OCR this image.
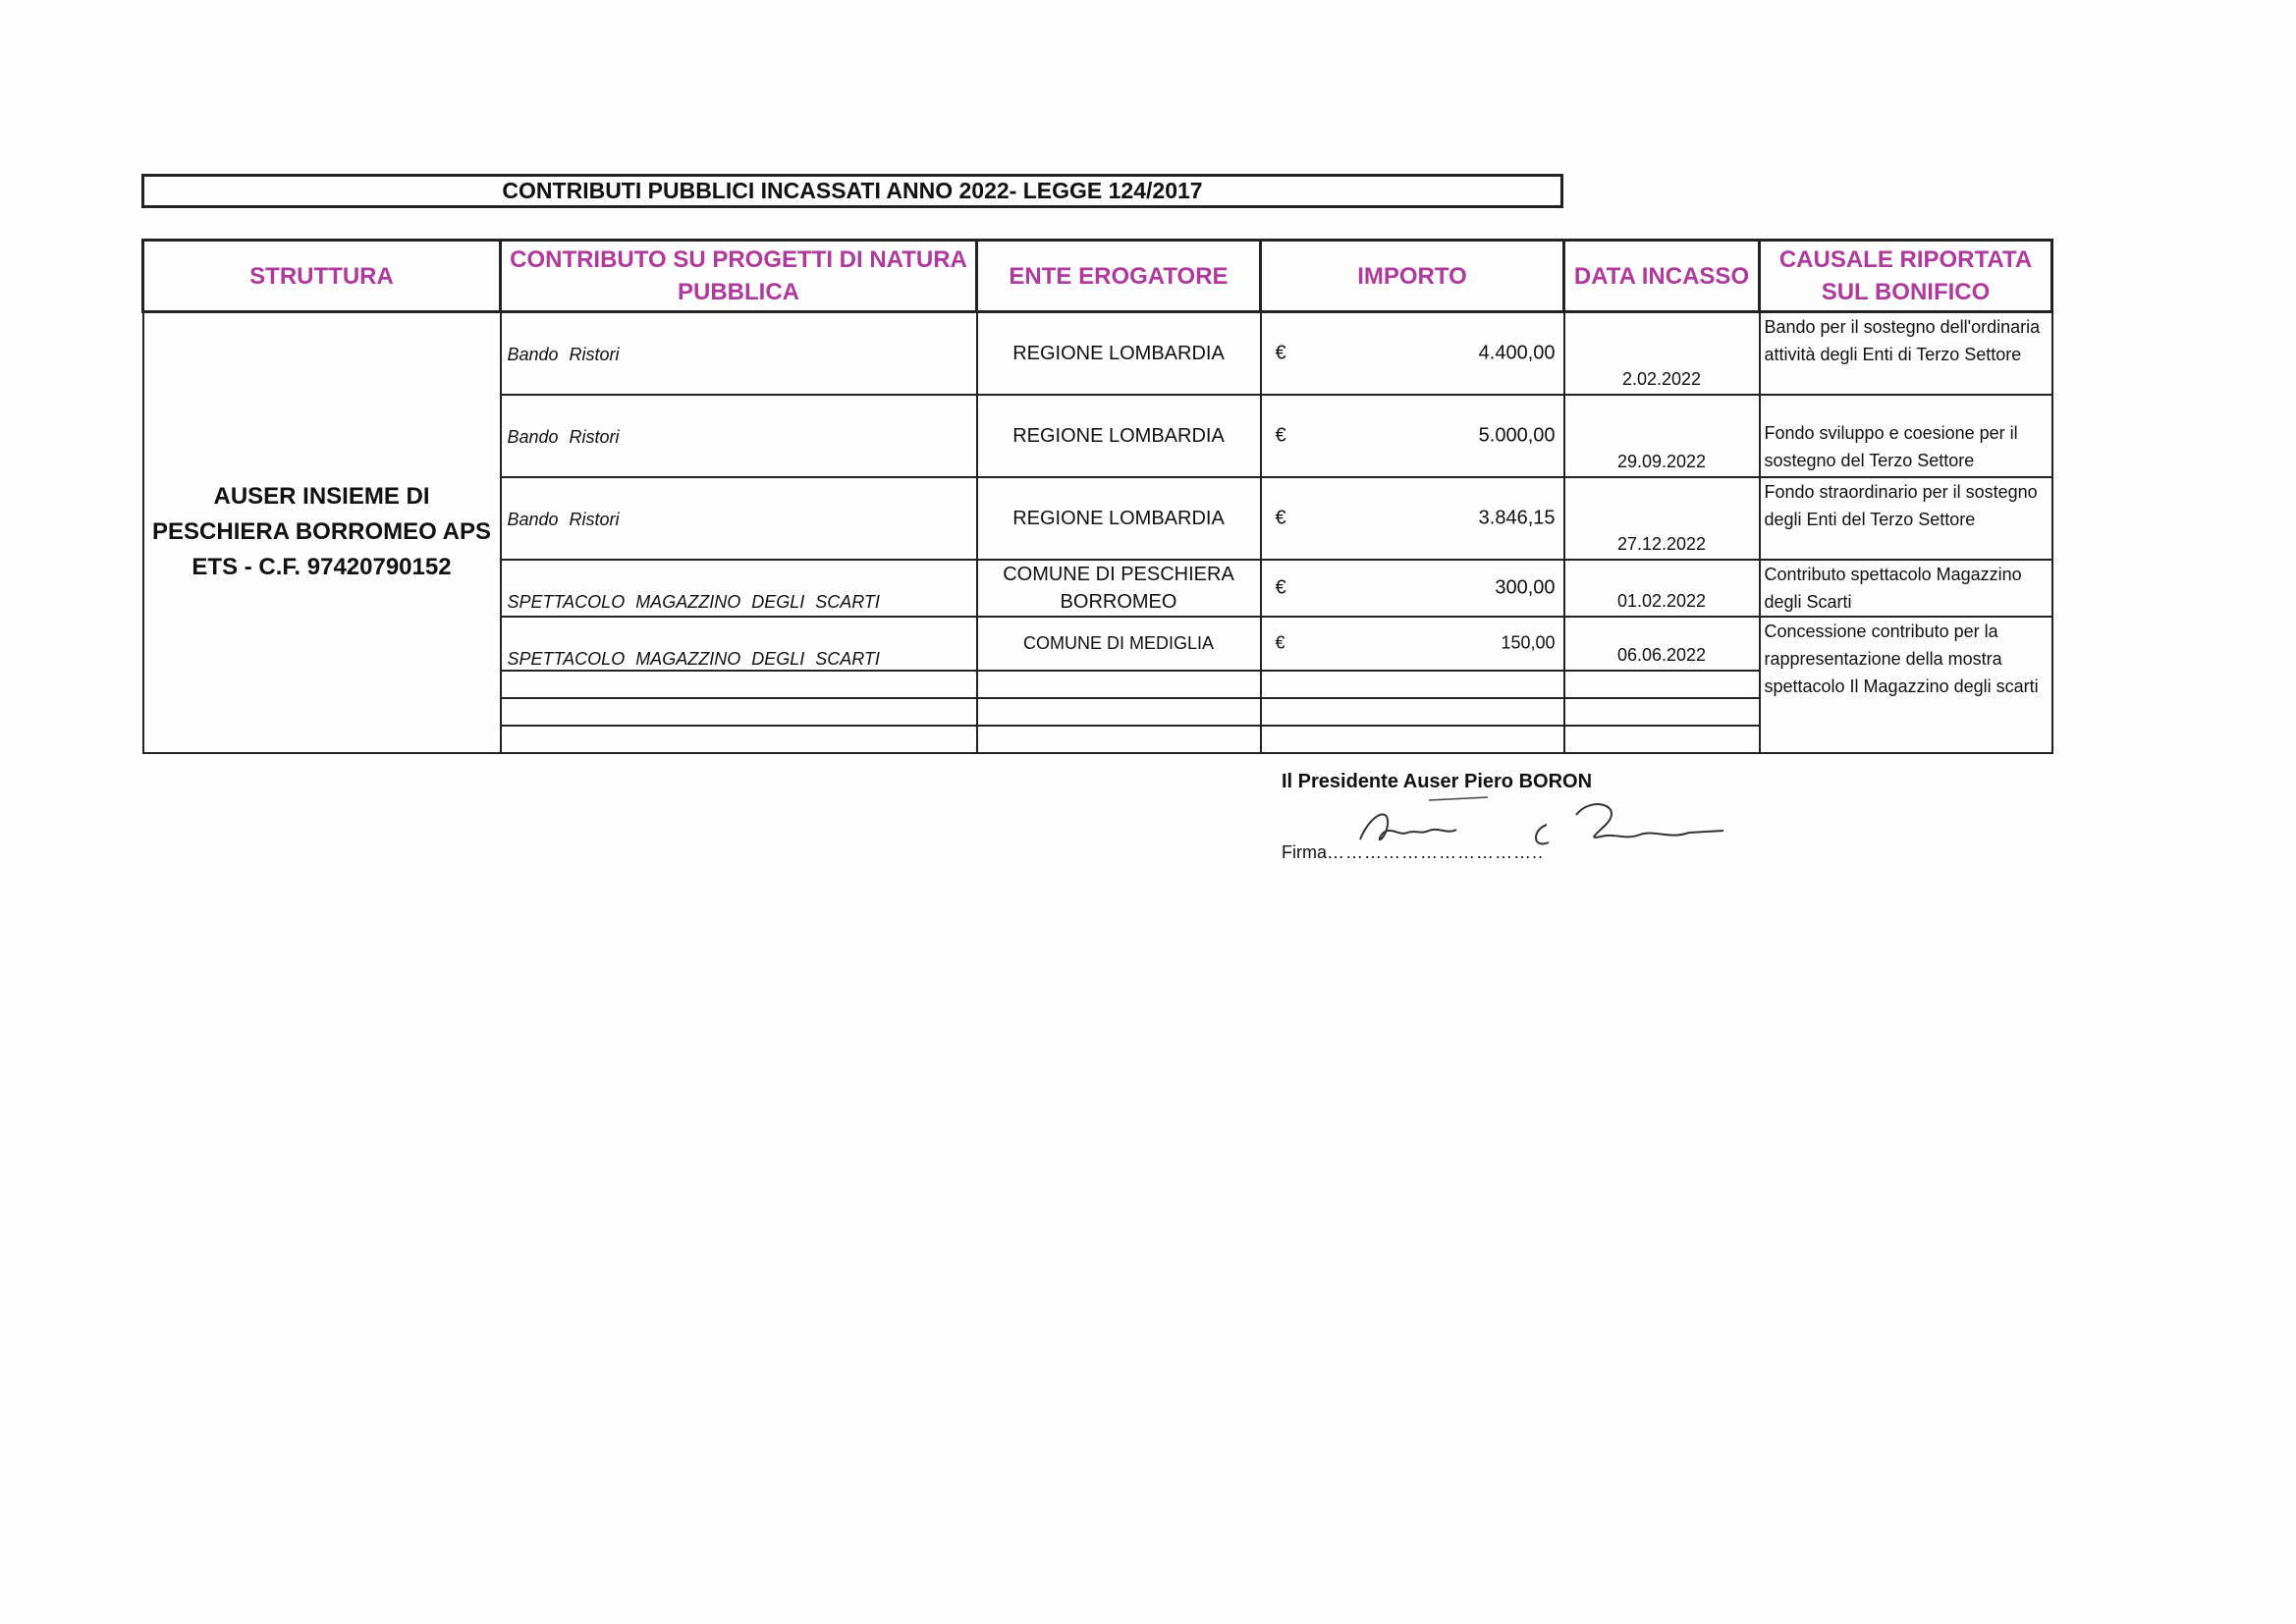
CONTRIBUTI PUBBLICI INCASSATI ANNO 2022- LEGGE 124/2017
STRUTTURA	CONTRIBUTO SU PROGETTI DI NATURA PUBBLICA	ENTE EROGATORE	IMPORTO	DATA INCASSO	CAUSALE RIPORTATA SUL BONIFICO
AUSER INSIEME DI PESCHIERA BORROMEO APS ETS - C.F. 97420790152	Bando Ristori	REGIONE LOMBARDIA	€ 4.400,00	2.02.2022	Bando per il sostegno dell'ordinaria attività degli Enti di Terzo Settore
	Bando Ristori	REGIONE LOMBARDIA	€ 5.000,00	29.09.2022	Fondo sviluppo e coesione per il sostegno del Terzo Settore
	Bando Ristori	REGIONE LOMBARDIA	€ 3.846,15	27.12.2022	Fondo straordinario per il sostegno degli Enti del Terzo Settore
	SPETTACOLO MAGAZZINO DEGLI SCARTI	COMUNE DI PESCHIERA BORROMEO	€ 300,00	01.02.2022	Contributo spettacolo Magazzino degli Scarti
	SPETTACOLO MAGAZZINO DEGLI SCARTI	COMUNE DI MEDIGLIA	€ 150,00	06.06.2022	Concessione contributo per la rappresentazione della mostra spettacolo Il Magazzino degli scarti

Il Presidente Auser Piero BORON
Firma……………………………..
